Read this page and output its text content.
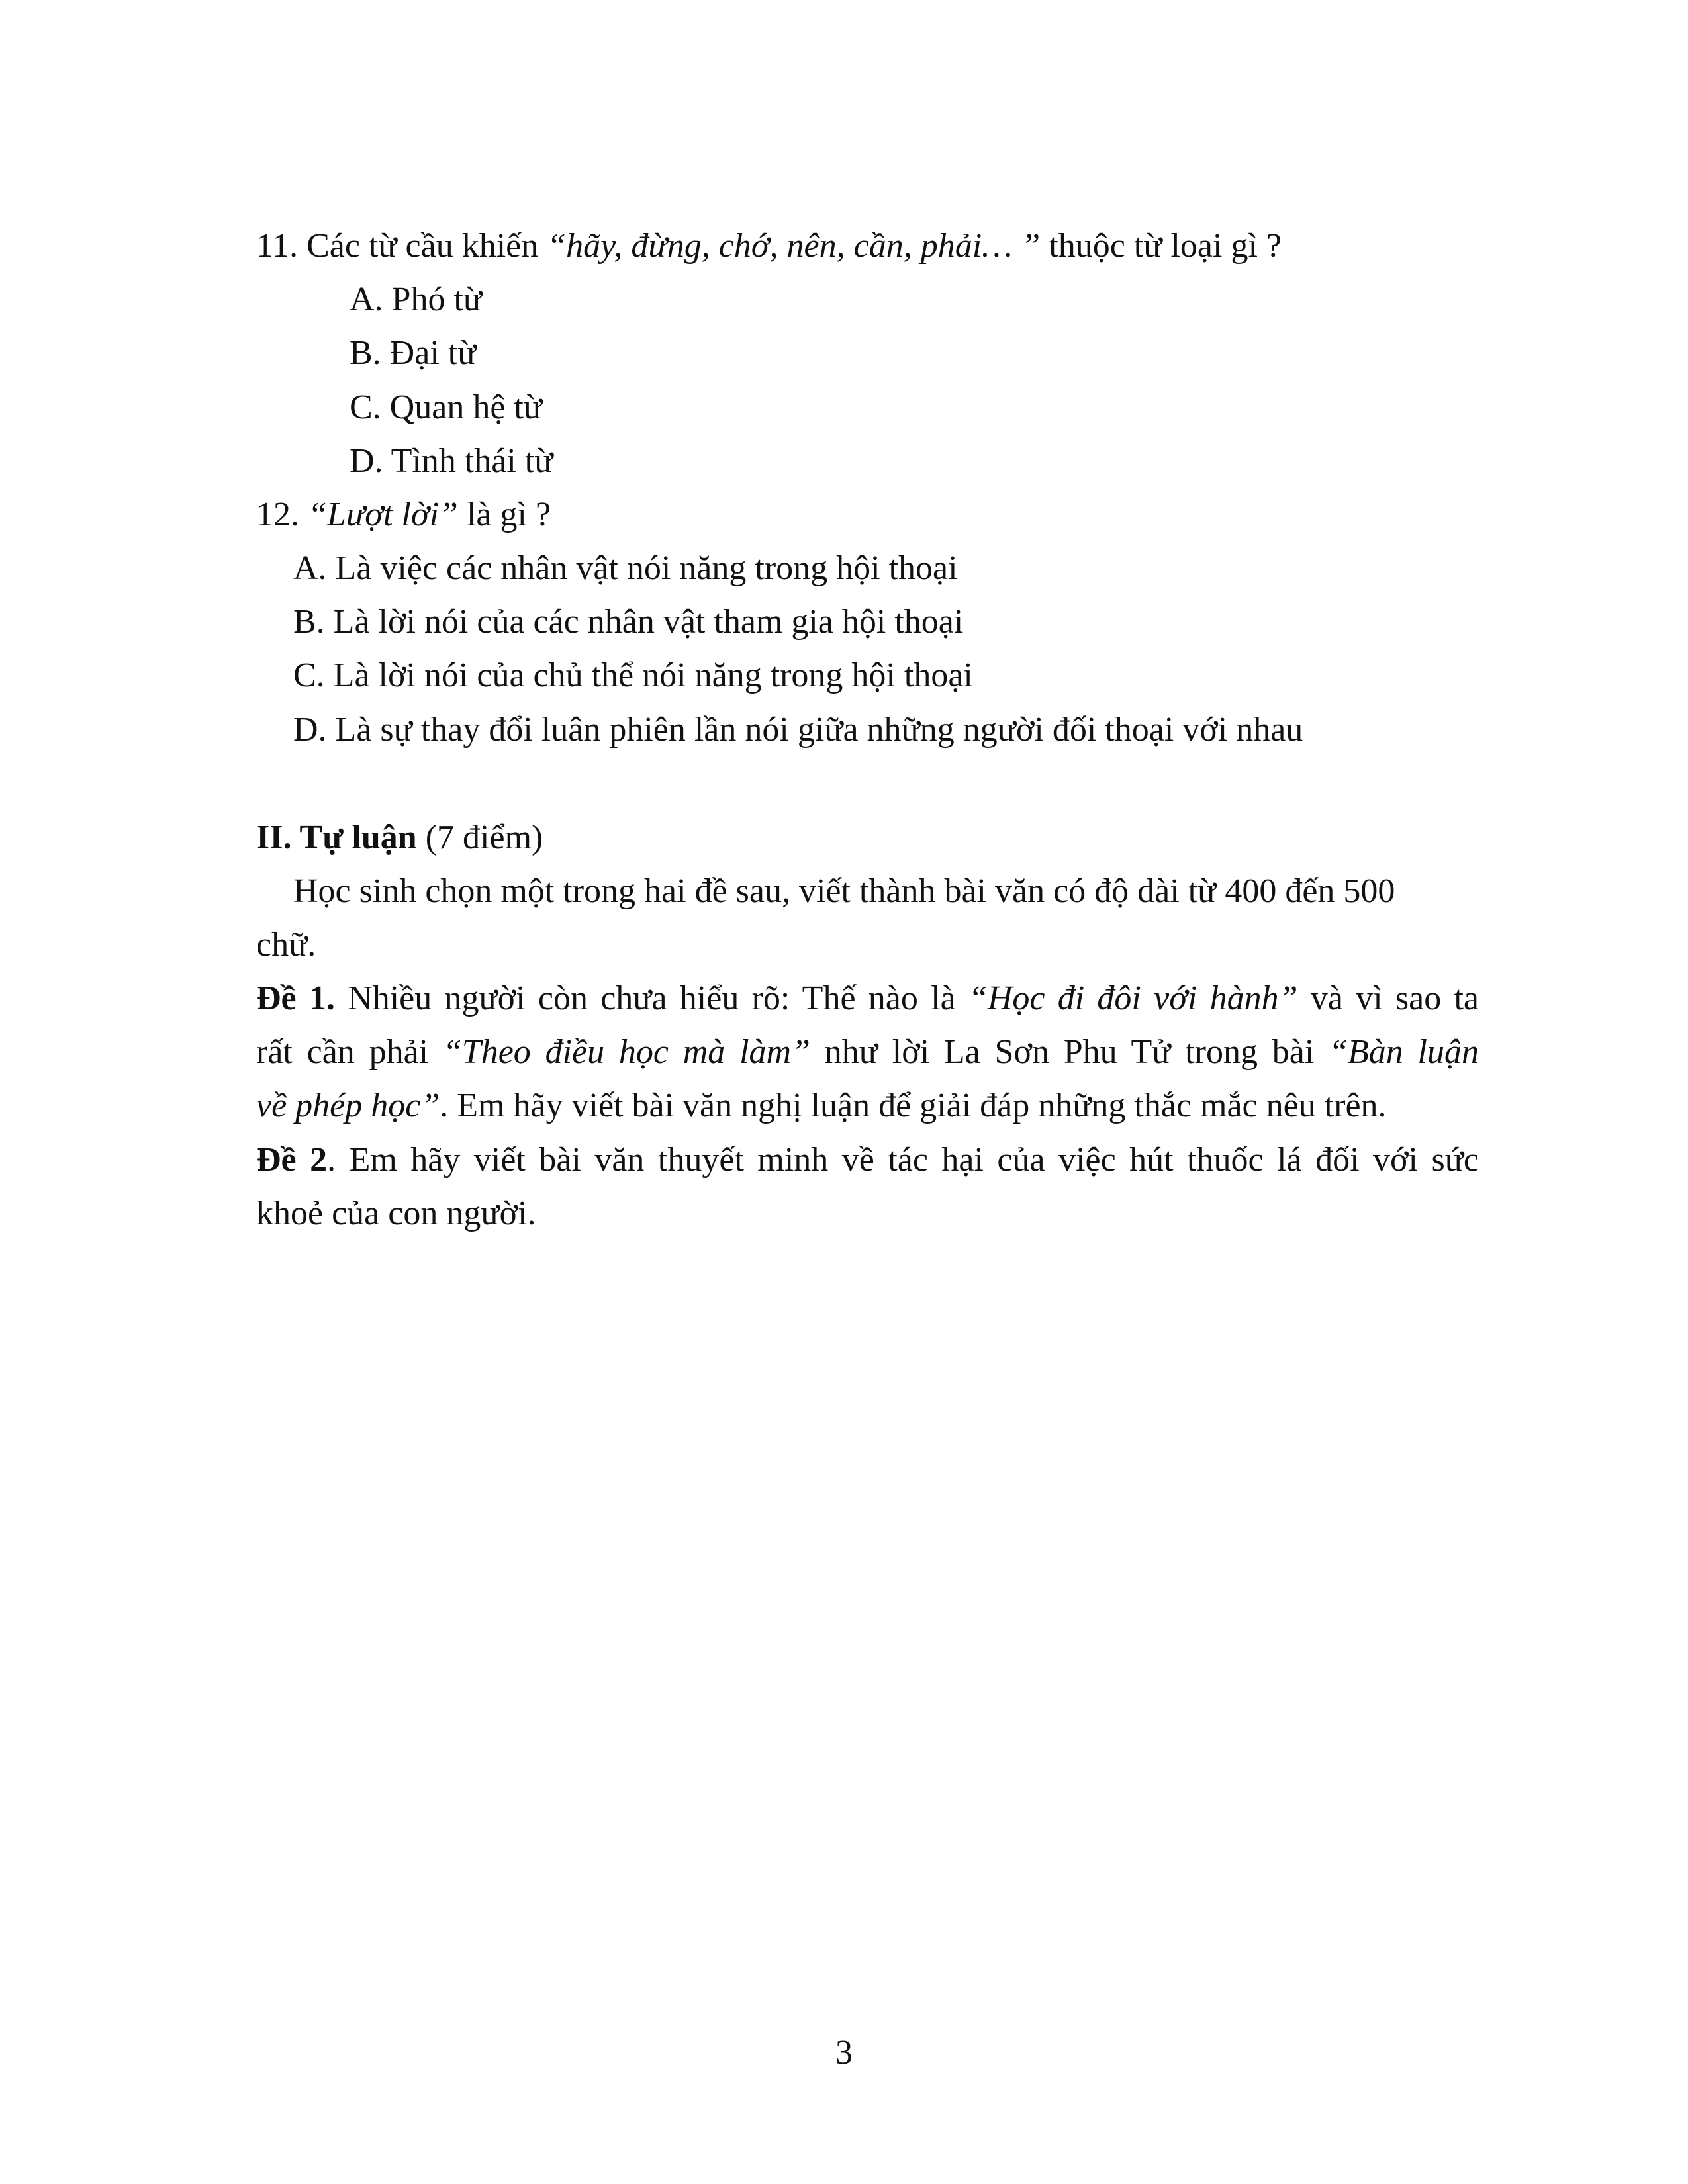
11. Các từ cầu khiến “hãy, đừng, chớ, nên, cần, phải… ” thuộc từ loại gì ?
A. Phó từ
B. Đại từ
C. Quan hệ từ
D. Tình thái từ
12. “Lượt lời” là gì ?
A. Là việc các nhân vật nói năng trong hội thoại
B. Là lời nói của các nhân vật tham gia hội thoại
C. Là lời nói của chủ thể nói năng trong hội thoại
D. Là sự thay đổi luân phiên lần nói giữa những người đối thoại với nhau
II. Tự luận (7 điểm)
Học sinh chọn một trong hai đề sau, viết thành bài văn có độ dài từ 400 đến 500
chữ.
Đề 1. Nhiều người còn chưa hiểu rõ: Thế nào là “Học đi đôi với hành” và vì sao ta
rất cần phải “Theo điều học mà làm” như lời La Sơn Phu Tử trong bài “Bàn luận
về phép học”. Em hãy viết bài văn nghị luận để giải đáp những thắc mắc nêu trên.
Đề 2. Em hãy viết bài văn thuyết minh về tác hại của việc hút thuốc lá đối với sức
khoẻ của con người.
3
